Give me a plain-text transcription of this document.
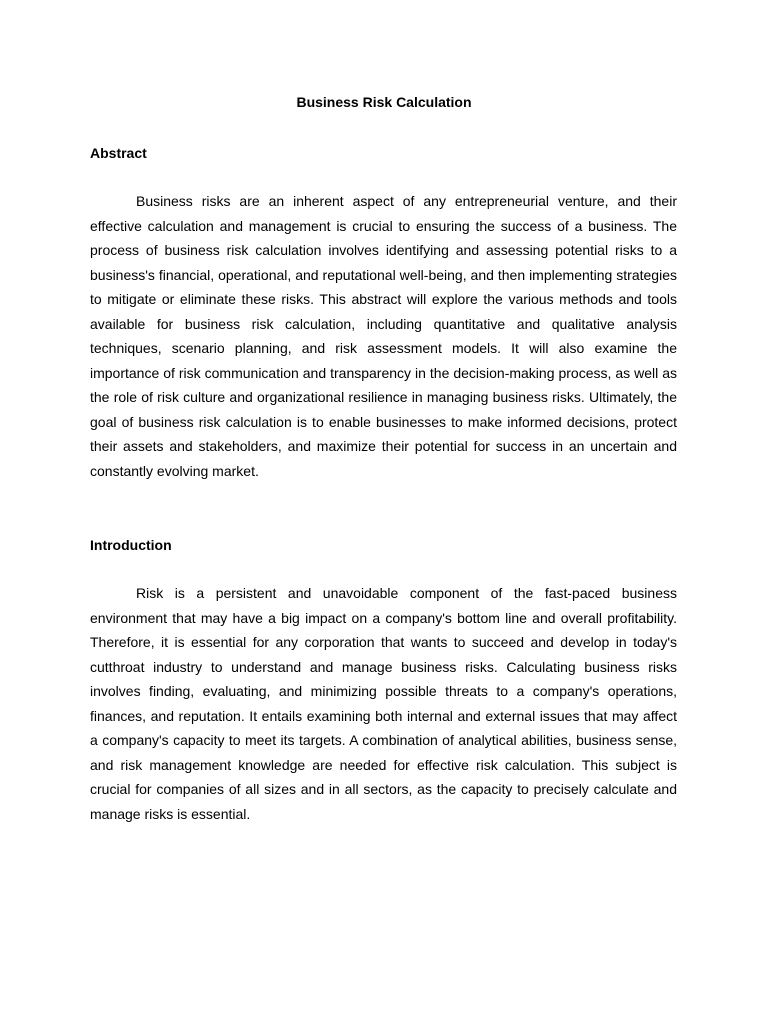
Business Risk Calculation
Abstract

Business risks are an inherent aspect of any entrepreneurial venture, and their effective calculation and management is crucial to ensuring the success of a business. The process of business risk calculation involves identifying and assessing potential risks to a business's financial, operational, and reputational well-being, and then implementing strategies to mitigate or eliminate these risks. This abstract will explore the various methods and tools available for business risk calculation, including quantitative and qualitative analysis techniques, scenario planning, and risk assessment models. It will also examine the importance of risk communication and transparency in the decision-making process, as well as the role of risk culture and organizational resilience in managing business risks. Ultimately, the goal of business risk calculation is to enable businesses to make informed decisions, protect their assets and stakeholders, and maximize their potential for success in an uncertain and constantly evolving market.

Introduction

Risk is a persistent and unavoidable component of the fast-paced business environment that may have a big impact on a company's bottom line and overall profitability. Therefore, it is essential for any corporation that wants to succeed and develop in today's cutthroat industry to understand and manage business risks. Calculating business risks involves finding, evaluating, and minimizing possible threats to a company's operations, finances, and reputation. It entails examining both internal and external issues that may affect a company's capacity to meet its targets. A combination of analytical abilities, business sense, and risk management knowledge are needed for effective risk calculation. This subject is crucial for companies of all sizes and in all sectors, as the capacity to precisely calculate and manage risks is essential.
